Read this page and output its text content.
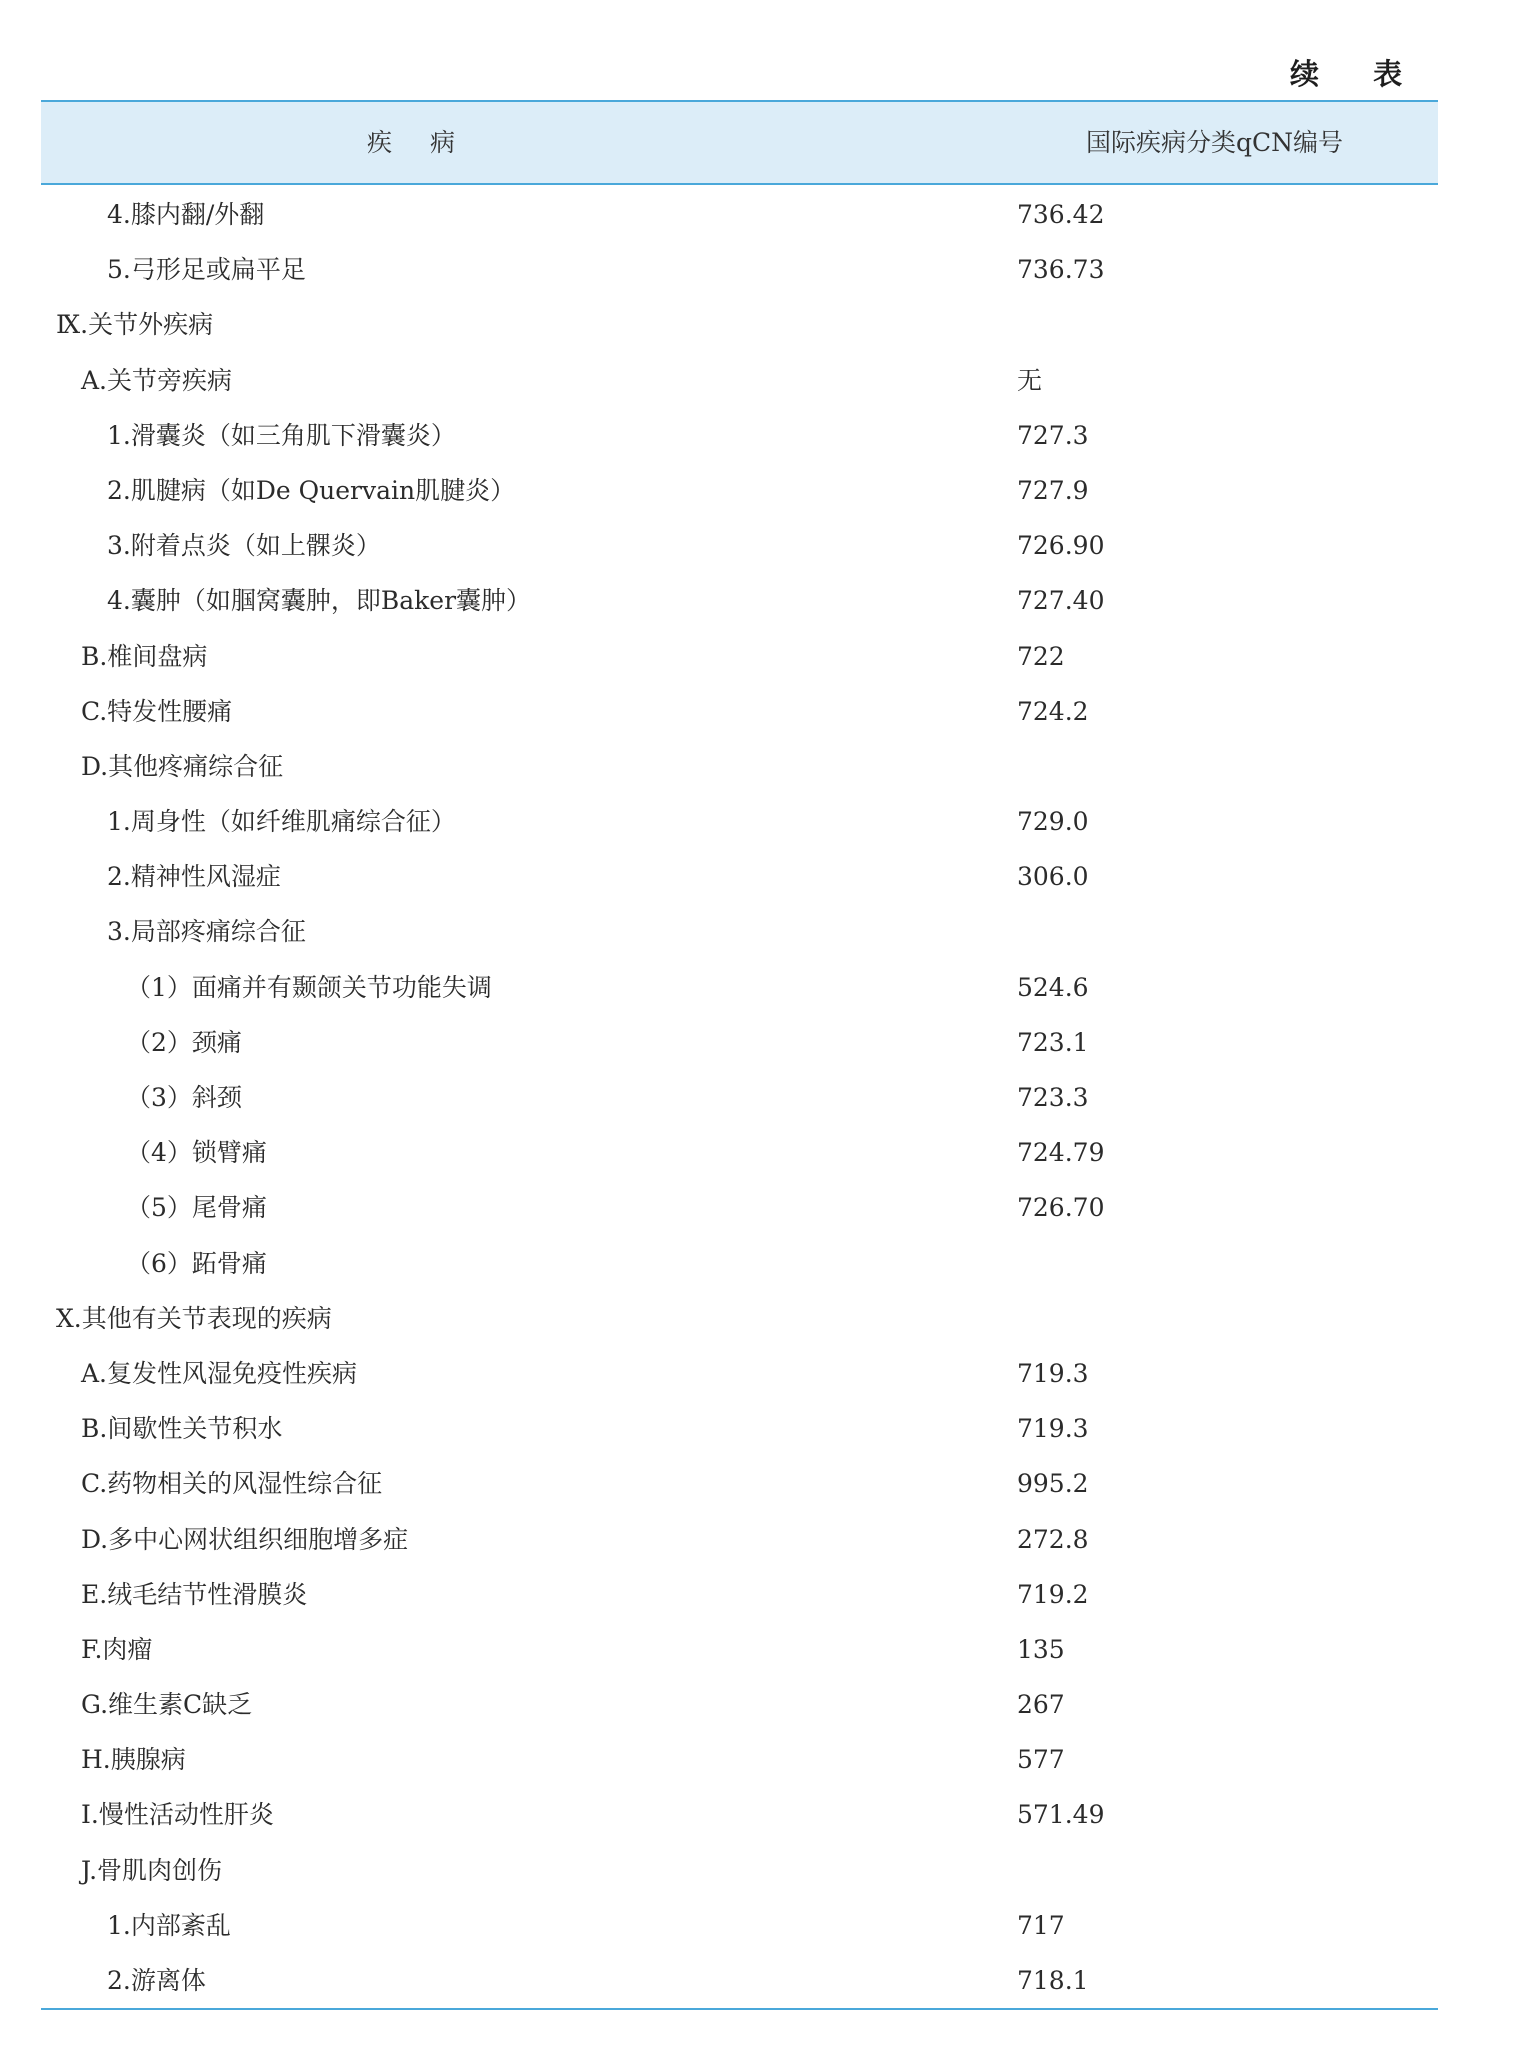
续 表
疾病	国际疾病分类qCN编号
4.膝内翻/外翻	736.42
5.弓形足或扁平足	736.73
Ⅸ.关节外疾病
A.关节旁疾病	无
1.滑囊炎（如三角肌下滑囊炎）	727.3
2.肌腱病（如De Quervain肌腱炎）	727.9
3.附着点炎（如上髁炎）	726.90
4.囊肿（如腘窝囊肿，即Baker囊肿）	727.40
B.椎间盘病	722
C.特发性腰痛	724.2
D.其他疼痛综合征
1.周身性（如纤维肌痛综合征）	729.0
2.精神性风湿症	306.0
3.局部疼痛综合征
（1）面痛并有颞颌关节功能失调	524.6
（2）颈痛	723.1
（3）斜颈	723.3
（4）锁臂痛	724.79
（5）尾骨痛	726.70
（6）跖骨痛
Ⅹ.其他有关节表现的疾病
A.复发性风湿免疫性疾病	719.3
B.间歇性关节积水	719.3
C.药物相关的风湿性综合征	995.2
D.多中心网状组织细胞增多症	272.8
E.绒毛结节性滑膜炎	719.2
F.肉瘤	135
G.维生素C缺乏	267
H.胰腺病	577
I.慢性活动性肝炎	571.49
J.骨肌肉创伤
1.内部紊乱	717
2.游离体	718.1
